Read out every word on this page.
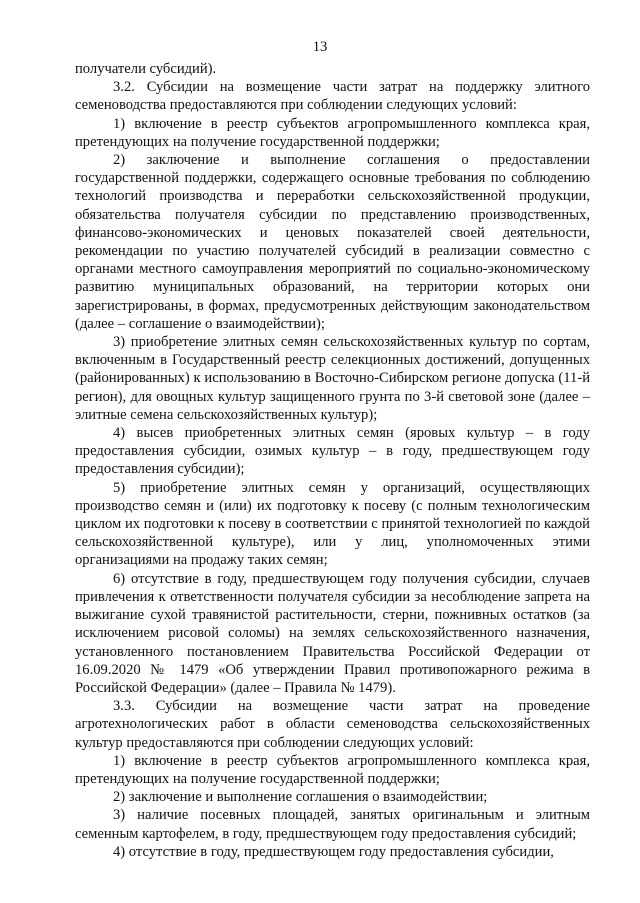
13

получатели субсидий).

3.2. Субсидии на возмещение части затрат на поддержку элитного семеноводства предоставляются при соблюдении следующих условий:

1) включение в реестр субъектов агропромышленного комплекса края, претендующих на получение государственной поддержки;

2) заключение и выполнение соглашения о предоставлении государственной поддержки, содержащего основные требования по соблюдению технологий производства и переработки сельскохозяйственной продукции, обязательства получателя субсидии по представлению производственных, финансово-экономических и ценовых показателей своей деятельности, рекомендации по участию получателей субсидий в реализации совместно с органами местного самоуправления мероприятий по социально-экономическому развитию муниципальных образований, на территории которых они зарегистрированы, в формах, предусмотренных действующим законодательством (далее – соглашение о взаимодействии);

3) приобретение элитных семян сельскохозяйственных культур по сортам, включенным в Государственный реестр селекционных достижений, допущенных (районированных) к использованию в Восточно-Сибирском регионе допуска (11-й регион), для овощных культур защищенного грунта по 3-й световой зоне (далее – элитные семена сельскохозяйственных культур);

4) высев приобретенных элитных семян (яровых культур – в году предоставления субсидии, озимых культур – в году, предшествующем году предоставления субсидии);

5) приобретение элитных семян у организаций, осуществляющих производство семян и (или) их подготовку к посеву (с полным технологическим циклом их подготовки к посеву в соответствии с принятой технологией по каждой сельскохозяйственной культуре), или у лиц, уполномоченных этими организациями на продажу таких семян;

6) отсутствие в году, предшествующем году получения субсидии, случаев привлечения к ответственности получателя субсидии за несоблюдение запрета на выжигание сухой травянистой растительности, стерни, пожнивных остатков (за исключением рисовой соломы) на землях сельскохозяйственного назначения, установленного постановлением Правительства Российской Федерации от 16.09.2020 № 1479 «Об утверждении Правил противопожарного режима в Российской Федерации» (далее – Правила № 1479).

3.3. Субсидии на возмещение части затрат на проведение агротехнологических работ в области семеноводства сельскохозяйственных культур предоставляются при соблюдении следующих условий:

1) включение в реестр субъектов агропромышленного комплекса края, претендующих на получение государственной поддержки;

2) заключение и выполнение соглашения о взаимодействии;

3) наличие посевных площадей, занятых оригинальным и элитным семенным картофелем, в году, предшествующем году предоставления субсидий;

4) отсутствие в году, предшествующем году предоставления субсидии,
